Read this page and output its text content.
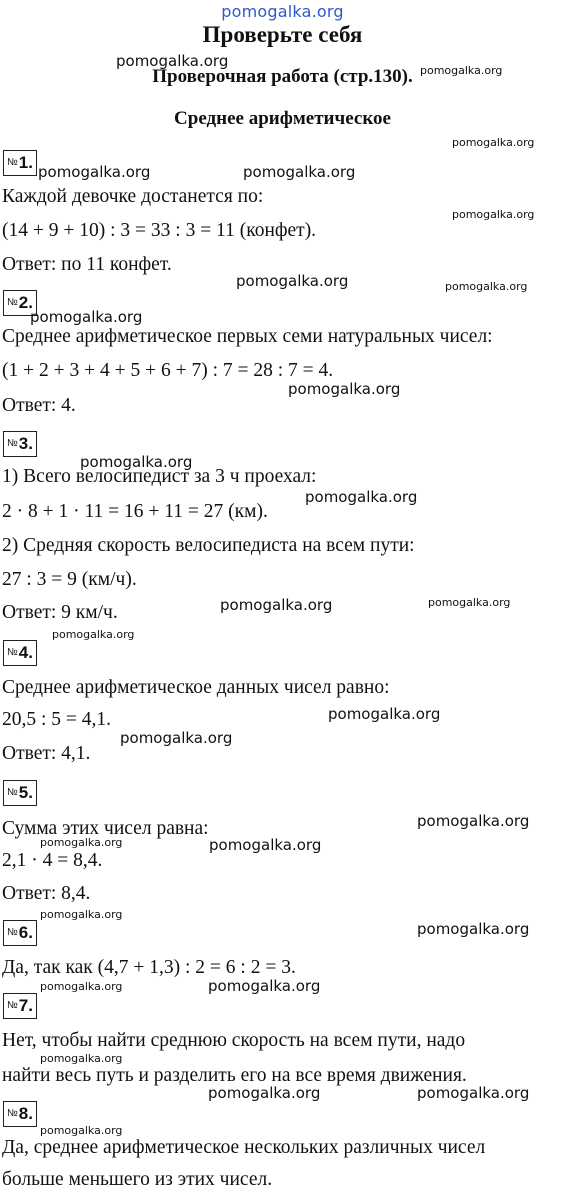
pomogalka.org
Проверьте себя
Проверочная работа (стр.130).
Среднее арифметическое
№1.
Каждой девочке достанется по:
(14 + 9 + 10) : 3 = 33 : 3 = 11 (конфет).
Ответ: по 11 конфет.
№2.
Среднее арифметическое первых семи натуральных чисел:
(1 + 2 + 3 + 4 + 5 + 6 + 7) : 7 = 28 : 7 = 4.
Ответ: 4.
№3.
1) Всего велосипедист за 3 ч проехал:
2 · 8 + 1 · 11 = 16 + 11 = 27 (км).
2) Средняя скорость велосипедиста на всем пути:
27 : 3 = 9 (км/ч).
Ответ: 9 км/ч.
№4.
Среднее арифметическое данных чисел равно:
20,5 : 5 = 4,1.
Ответ: 4,1.
№5.
Сумма этих чисел равна:
2,1 · 4 = 8,4.
Ответ: 8,4.
№6.
Да, так как (4,7 + 1,3) : 2 = 6 : 2 = 3.
№7.
Нет, чтобы найти среднюю скорость на всем пути, надо
найти весь путь и разделить его на все время движения.
№8.
Да, среднее арифметическое нескольких различных чисел
больше меньшего из этих чисел.
pomogalka.org
pomogalka.org
pomogalka.org
pomogalka.org	pomogalka.org
pomogalka.org
pomogalka.org	pomogalka.org
pomogalka.org
pomogalka.org
pomogalka.org
pomogalka.org
pomogalka.org	pomogalka.org
pomogalka.org
pomogalka.org
pomogalka.org
pomogalka.org
pomogalka.org
pomogalka.org
pomogalka.org
pomogalka.org
pomogalka.org
pomogalka.org
pomogalka.org
pomogalka.org	pomogalka.org
pomogalka.org
